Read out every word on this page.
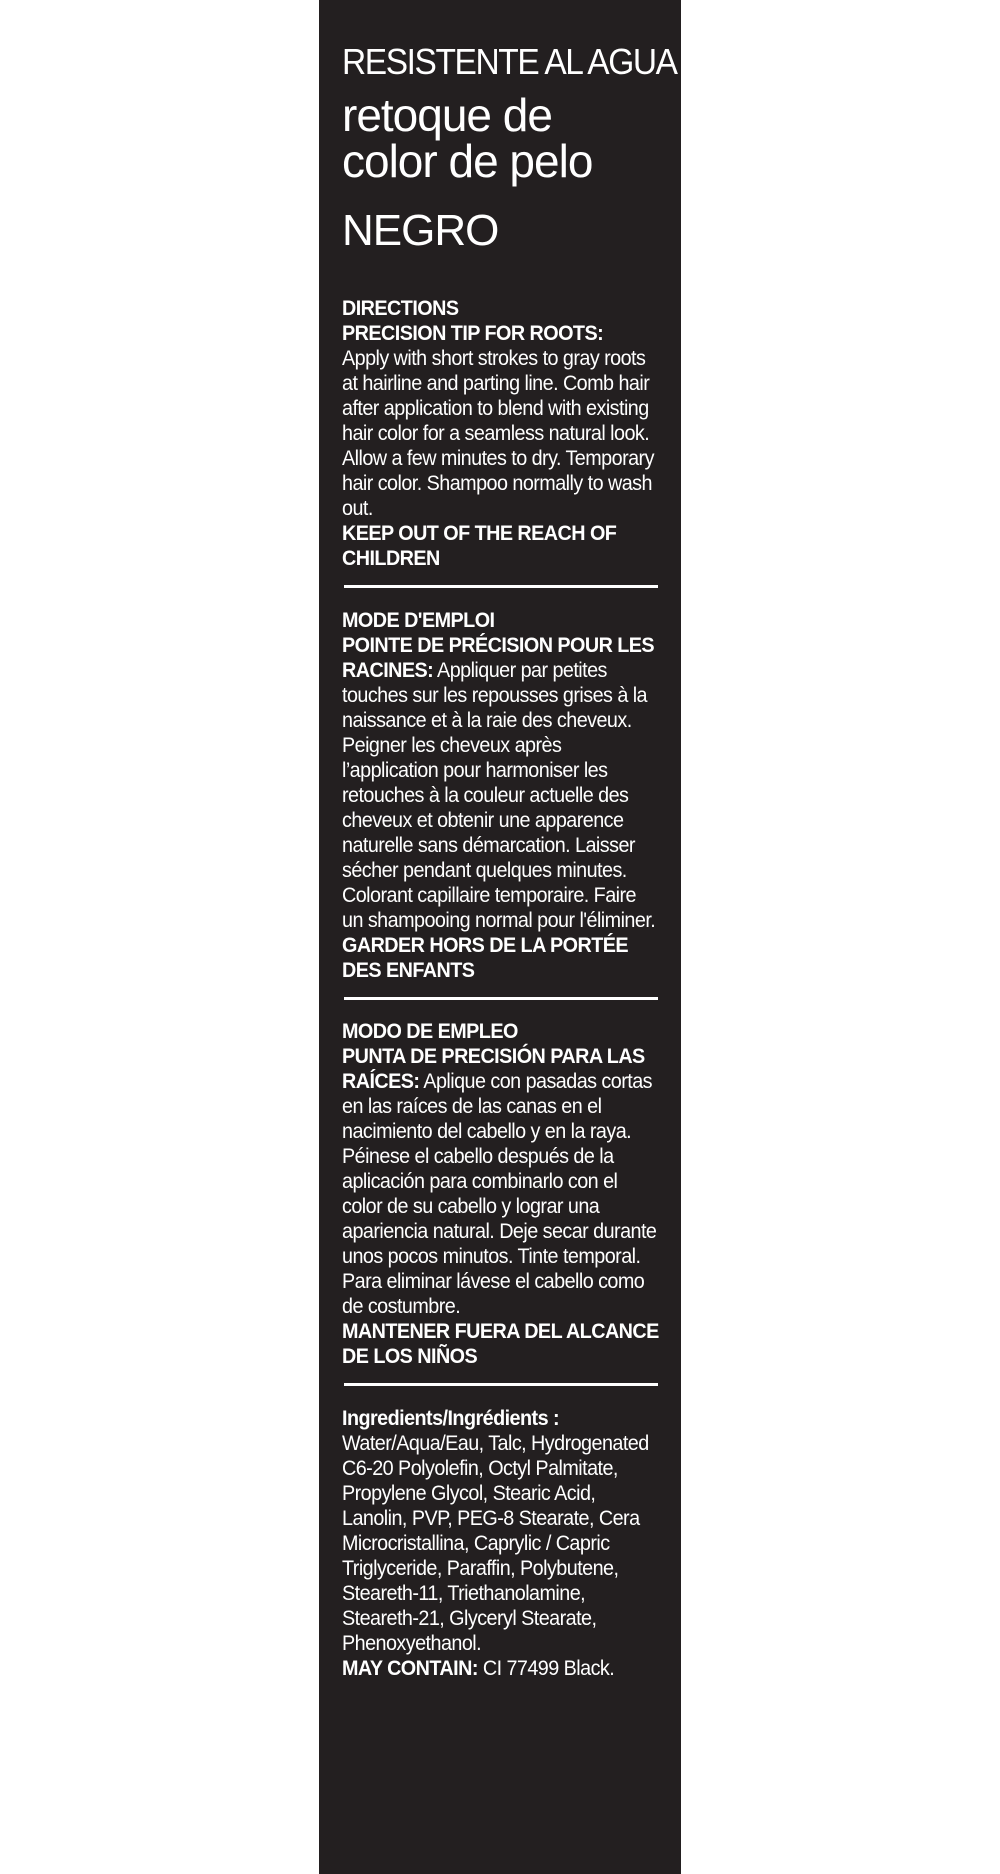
RESISTENTE AL AGUA
retoque de
color de pelo
NEGRO

DIRECTIONS

PRECISION TIP FOR ROOTS:

Apply with short strokes to gray roots at hairline and parting line. Comb hair after application to blend with existing hair color for a seamless natural look. Allow a few minutes to dry. Temporary hair color. Shampoo normally to wash out.

KEEP OUT OF THE REACH OF CHILDREN

MODE D'EMPLOI

POINTE DE PRÉCISION POUR LES RACINES: Appliquer par petites touches sur les repousses grises à la naissance et à la raie des cheveux. Peigner les cheveux après l’application pour harmoniser les retouches à la couleur actuelle des cheveux et obtenir une apparence naturelle sans démarcation. Laisser sécher pendant quelques minutes. Colorant capillaire temporaire. Faire un shampooing normal pour l'éliminer.

GARDER HORS DE LA PORTÉE DES ENFANTS

MODO DE EMPLEO

PUNTA DE PRECISIÓN PARA LAS RAÍCES: Aplique con pasadas cortas en las raíces de las canas en el nacimiento del cabello y en la raya. Péinese el cabello después de la aplicación para combinarlo con el color de su cabello y lograr una apariencia natural. Deje secar durante unos pocos minutos. Tinte temporal. Para eliminar lávese el cabello como de costumbre.

MANTENER FUERA DEL ALCANCE DE LOS NIÑOS

Ingredients/Ingrédients :

Water/Aqua/Eau, Talc, Hydrogenated C6-20 Polyolefin, Octyl Palmitate, Propylene Glycol, Stearic Acid, Lanolin, PVP, PEG-8 Stearate, Cera Microcristallina, Caprylic / Capric Triglyceride, Paraffin, Polybutene, Steareth-11, Triethanolamine, Steareth-21, Glyceryl Stearate, Phenoxyethanol.

MAY CONTAIN: CI 77499 Black.
